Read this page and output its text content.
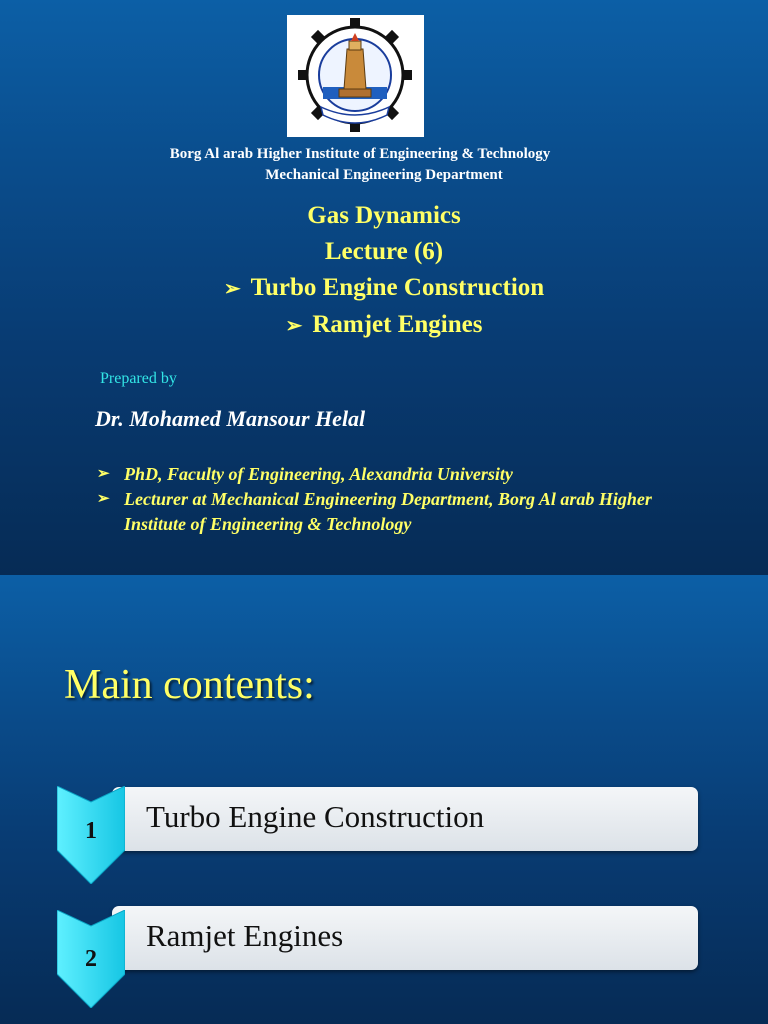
Borg Al arab Higher Institute of Engineering & Technology
Mechanical Engineering Department
Gas Dynamics
Lecture (6)
➢ Turbo Engine Construction
➢ Ramjet Engines
Prepared by
Dr. Mohamed Mansour Helal
➢ PhD, Faculty of Engineering, Alexandria University
➢ Lecturer at Mechanical Engineering Department, Borg Al arab Higher Institute of Engineering & Technology
Main contents:
Turbo Engine Construction
1
Ramjet Engines
2
